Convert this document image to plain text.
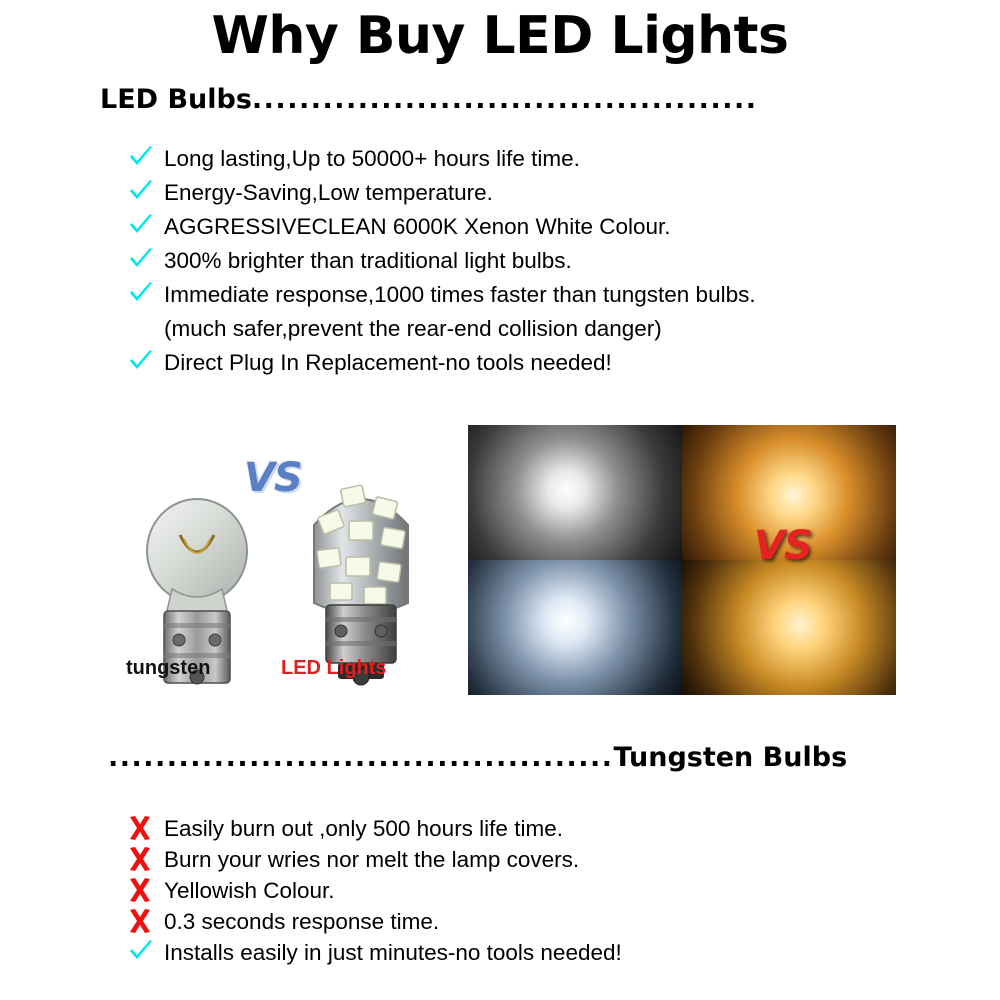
Why Buy LED Lights
LED Bulbs...........................................
Long lasting,Up to 50000+ hours life time.
Energy-Saving,Low temperature.
AGGRESSIVECLEAN 6000K Xenon White Colour.
300% brighter than traditional light bulbs.
Immediate response,1000 times faster than tungsten bulbs.
(much safer,prevent the rear-end collision danger)
Direct Plug In Replacement-no tools needed!
VS
tungsten	LED Lights
VS
...........................................Tungsten Bulbs
Easily burn out ,only 500 hours life time.
Burn your wries nor melt the lamp covers.
Yellowish Colour.
0.3 seconds response time.
Installs easily in just minutes-no tools needed!
